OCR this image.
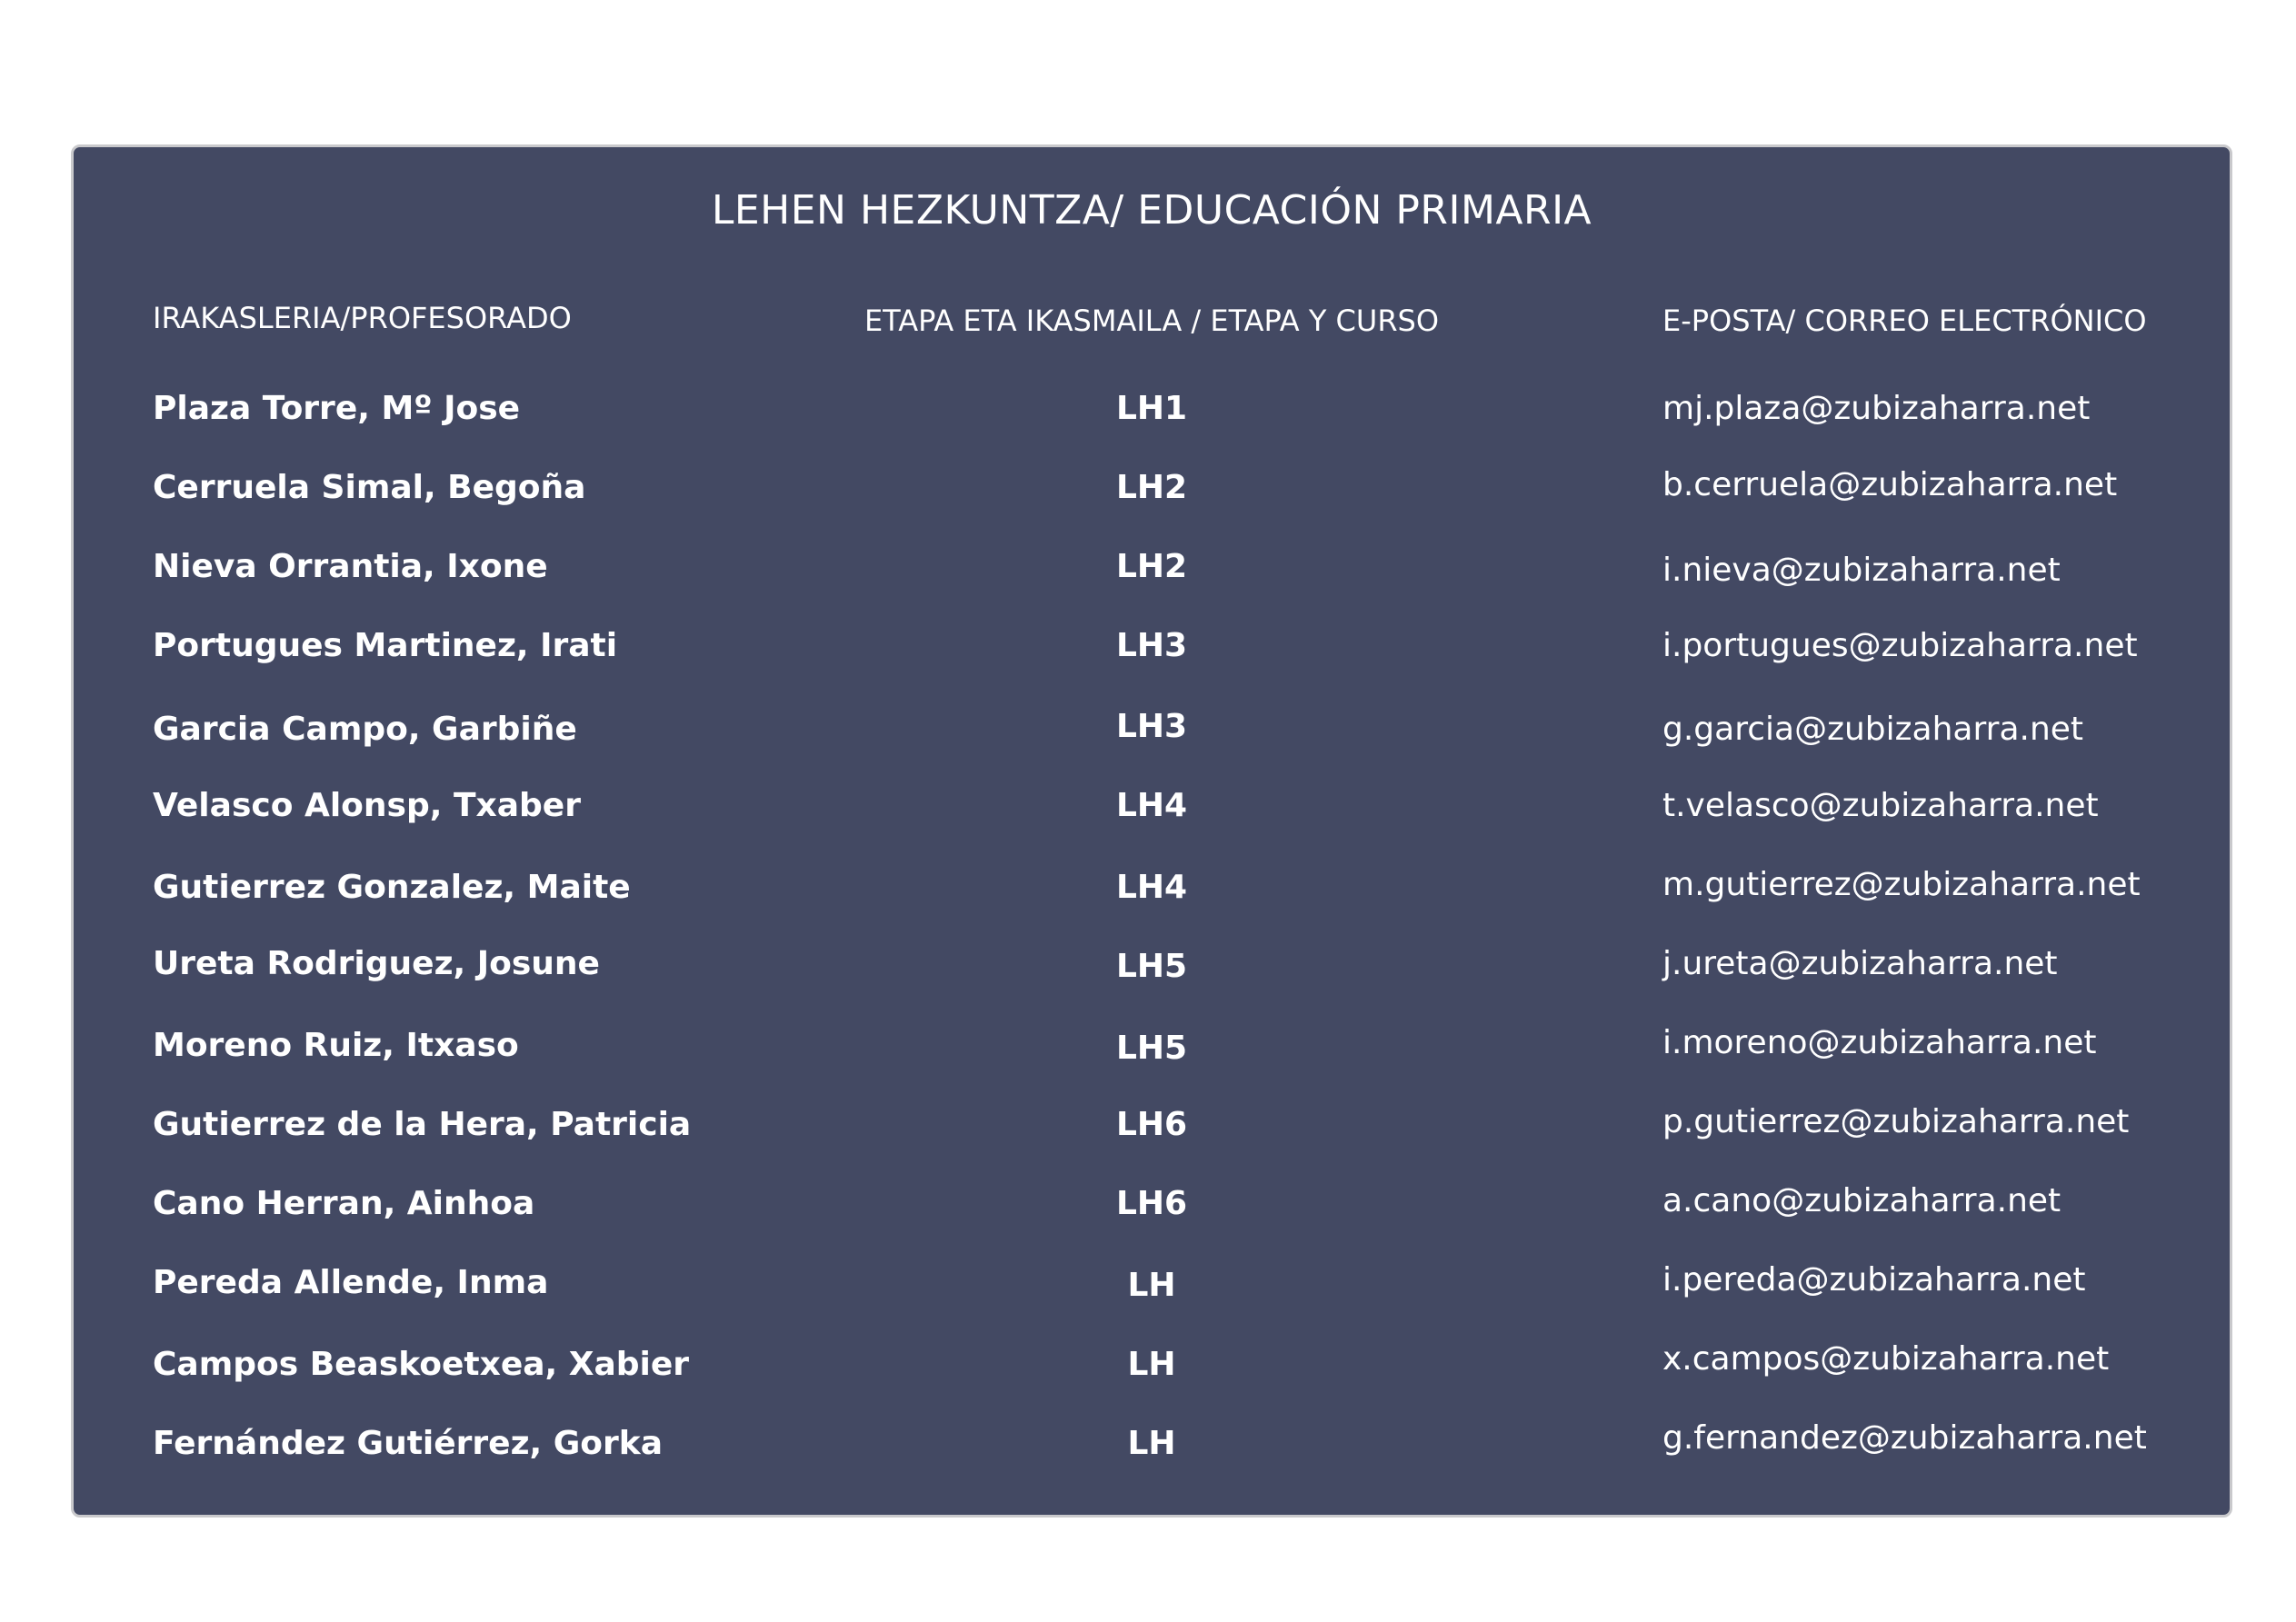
LEHEN HEZKUNTZA/ EDUCACIÓN PRIMARIA
IRAKASLERIA/PROFESORADO	ETAPA ETA IKASMAILA / ETAPA Y CURSO	E-POSTA/ CORREO ELECTRÓNICO
Plaza Torre, Mº Jose	LH1	mj.plaza@zubizaharra.net
Cerruela Simal, Begoña	LH2	b.cerruela@zubizaharra.net
Nieva Orrantia, Ixone	LH2	i.nieva@zubizaharra.net
Portugues Martinez, Irati	LH3	i.portugues@zubizaharra.net
Garcia Campo, Garbiñe	LH3	g.garcia@zubizaharra.net
Velasco Alonsp, Txaber	LH4	t.velasco@zubizaharra.net
Gutierrez Gonzalez, Maite	LH4	m.gutierrez@zubizaharra.net
Ureta Rodriguez, Josune	LH5	j.ureta@zubizaharra.net
Moreno Ruiz, Itxaso	LH5	i.moreno@zubizaharra.net
Gutierrez de la Hera, Patricia	LH6	p.gutierrez@zubizaharra.net
Cano Herran, Ainhoa	LH6	a.cano@zubizaharra.net
Pereda Allende, Inma	LH	i.pereda@zubizaharra.net
Campos Beaskoetxea, Xabier	LH	x.campos@zubizaharra.net
Fernández Gutiérrez, Gorka	LH	g.fernandez@zubizaharra.net
